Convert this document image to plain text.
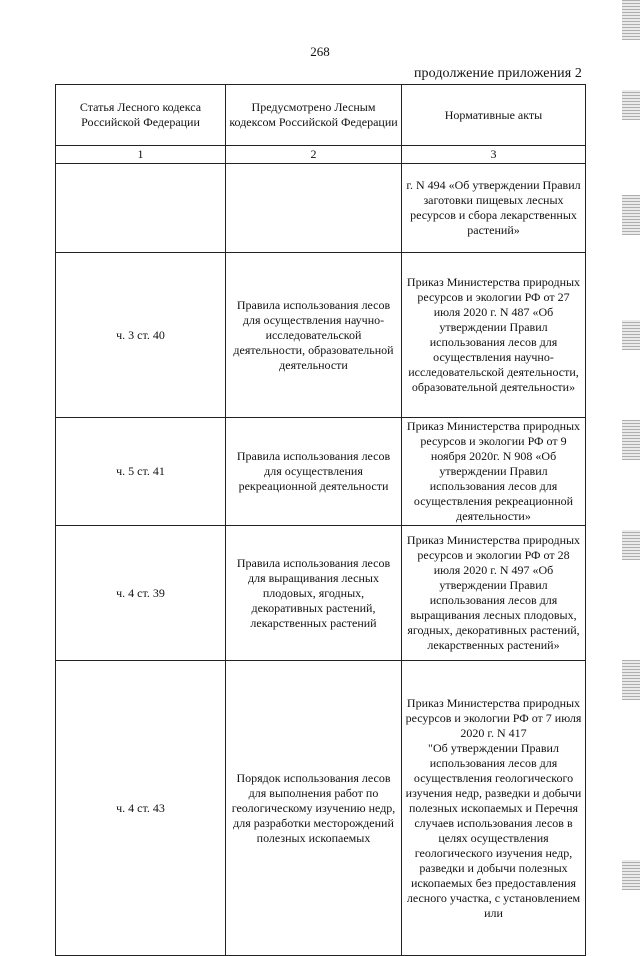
268
продолжение приложения 2
Статья Лесного кодекса Российской Федерации	Предусмотрено Лесным кодексом Российской Федерации	Нормативные акты
1	2	3
		г. N 494 «Об утверждении Правил заготовки пищевых лесных ресурсов и сбора лекарственных растений»
ч. 3 ст. 40	Правила использования лесов для осуществления научно-исследовательской деятельности, образовательной деятельности	Приказ Министерства природных ресурсов и экологии РФ от 27 июля 2020 г. N 487 «Об утверждении Правил использования лесов для осуществления научно-исследовательской деятельности, образовательной деятельности»
ч. 5 ст. 41	Правила использования лесов для осуществления рекреационной деятельности	Приказ Министерства природных ресурсов и экологии РФ от 9 ноября 2020г. N 908 «Об утверждении Правил использования лесов для осуществления рекреационной деятельности»
ч. 4 ст. 39	Правила использования лесов для выращивания лесных плодовых, ягодных, декоративных растений, лекарственных растений	Приказ Министерства природных ресурсов и экологии РФ от 28 июля 2020 г. N 497 «Об утверждении Правил использования лесов для выращивания лесных плодовых, ягодных, декоративных растений, лекарственных растений»
ч. 4 ст. 43	Порядок использования лесов для выполнения работ по геологическому изучению недр, для разработки месторождений полезных ископаемых	Приказ Министерства природных ресурсов и экологии РФ от 7 июля 2020 г. N 417
"Об утверждении Правил использования лесов для осуществления геологического изучения недр, разведки и добычи полезных ископаемых и Перечня случаев использования лесов в целях осуществления геологического изучения недр, разведки и добычи полезных ископаемых без предоставления лесного участка, с установлением или
